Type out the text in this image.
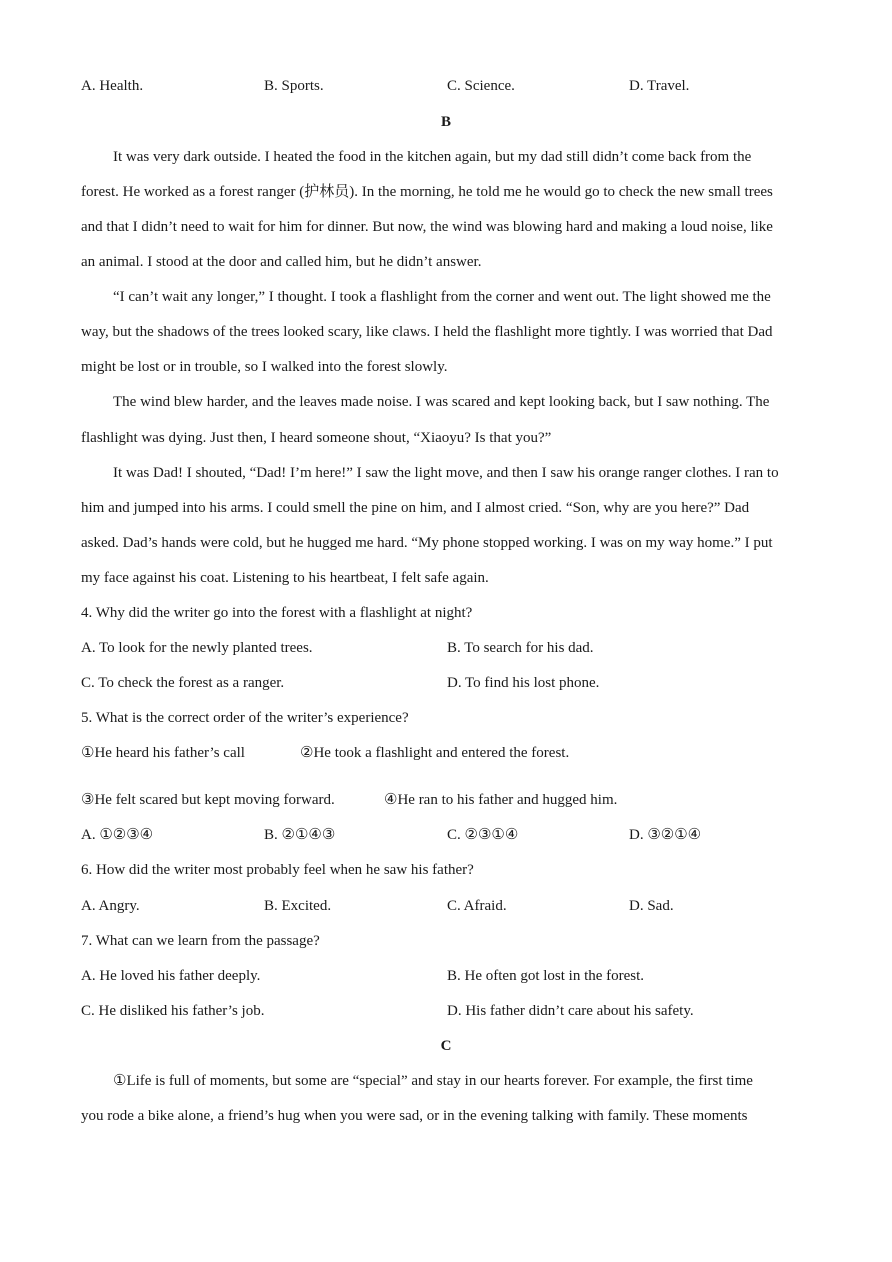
A. Health.	B. Sports.	C. Science.	D. Travel.
B
It was very dark outside. I heated the food in the kitchen again, but my dad still didn’t come back from the
forest. He worked as a forest ranger (护林员). In the morning, he told me he would go to check the new small trees
and that I didn’t need to wait for him for dinner. But now, the wind was blowing hard and making a loud noise, like
an animal. I stood at the door and called him, but he didn’t answer.
“I can’t wait any longer,” I thought. I took a flashlight from the corner and went out. The light showed me the
way, but the shadows of the trees looked scary, like claws. I held the flashlight more tightly. I was worried that Dad
might be lost or in trouble, so I walked into the forest slowly.
The wind blew harder, and the leaves made noise. I was scared and kept looking back, but I saw nothing. The
flashlight was dying. Just then, I heard someone shout, “Xiaoyu? Is that you?”
It was Dad! I shouted, “Dad! I’m here!” I saw the light move, and then I saw his orange ranger clothes. I ran to
him and jumped into his arms. I could smell the pine on him, and I almost cried. “Son, why are you here?” Dad
asked. Dad’s hands were cold, but he hugged me hard. “My phone stopped working. I was on my way home.” I put
my face against his coat. Listening to his heartbeat, I felt safe again.
4. Why did the writer go into the forest with a flashlight at night?
A. To look for the newly planted trees.	B. To search for his dad.
C. To check the forest as a ranger.	D. To find his lost phone.
5. What is the correct order of the writer’s experience?
①He heard his father’s call	②He took a flashlight and entered the forest.
③He felt scared but kept moving forward.	④He ran to his father and hugged him.
A. ①②③④	B. ②①④③	C. ②③①④	D. ③②①④
6. How did the writer most probably feel when he saw his father?
A. Angry.	B. Excited.	C. Afraid.	D. Sad.
7. What can we learn from the passage?
A. He loved his father deeply.	B. He often got lost in the forest.
C. He disliked his father’s job.	D. His father didn’t care about his safety.
C
①Life is full of moments, but some are “special” and stay in our hearts forever. For example, the first time
you rode a bike alone, a friend’s hug when you were sad, or in the evening talking with family. These moments
